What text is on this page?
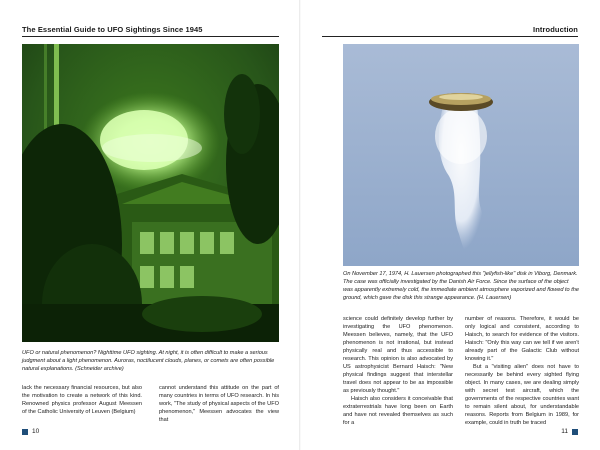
The Essential Guide to UFO Sightings Since 1945	Introduction
UFO or natural phenomenon? Nighttime UFO sighting. At night, it is often difficult to make a serious judgment about a light phenomenon. Auroras, noctilucent clouds, planes, or comets are often possible natural explanations. (Schneider archive)
On November 17, 1974, H. Lauersen photographed this "jellyfish-like" disk in Viborg, Denmark. The case was officially investigated by the Danish Air Force. Since the surface of the object was apparently extremely cold, the immediate ambient atmosphere vaporized and flowed to the ground, which gave the disk this strange appearance. (H. Lauersen)

lack the necessary financial resources, but also the motivation to create a network of this kind. Renowned physics professor August Meessen of the Catholic University of Leuven (Belgium)

cannot understand this attitude on the part of many countries in terms of UFO research. In his work, "The study of physical aspects of the UFO phenomenon," Meessen advocates the view that

science could definitely develop further by investigating the UFO phenomenon. Meessen believes, namely, that the UFO phenomenon is not irrational, but instead physically real and thus accessible to research. This opinion is also advocated by US astrophysicist Bernard Haisch: "New physical findings suggest that interstellar travel does not appear to be as impossible as previously thought."

Haisch also considers it conceivable that extraterrestrials have long been on Earth and have not revealed themselves as such for a

number of reasons. Therefore, it would be only logical and consistent, according to Haisch, to search for evidence of the visitors. Haisch: "Only this way can we tell if we aren't already part of the Galactic Club without knowing it."

But a "visiting alien" does not have to necessarily be behind every sighted flying object. In many cases, we are dealing simply with secret test aircraft, which the governments of the respective countries want to remain silent about, for understandable reasons. Reports from Belgium in 1989, for example, could in truth be traced

10	11
